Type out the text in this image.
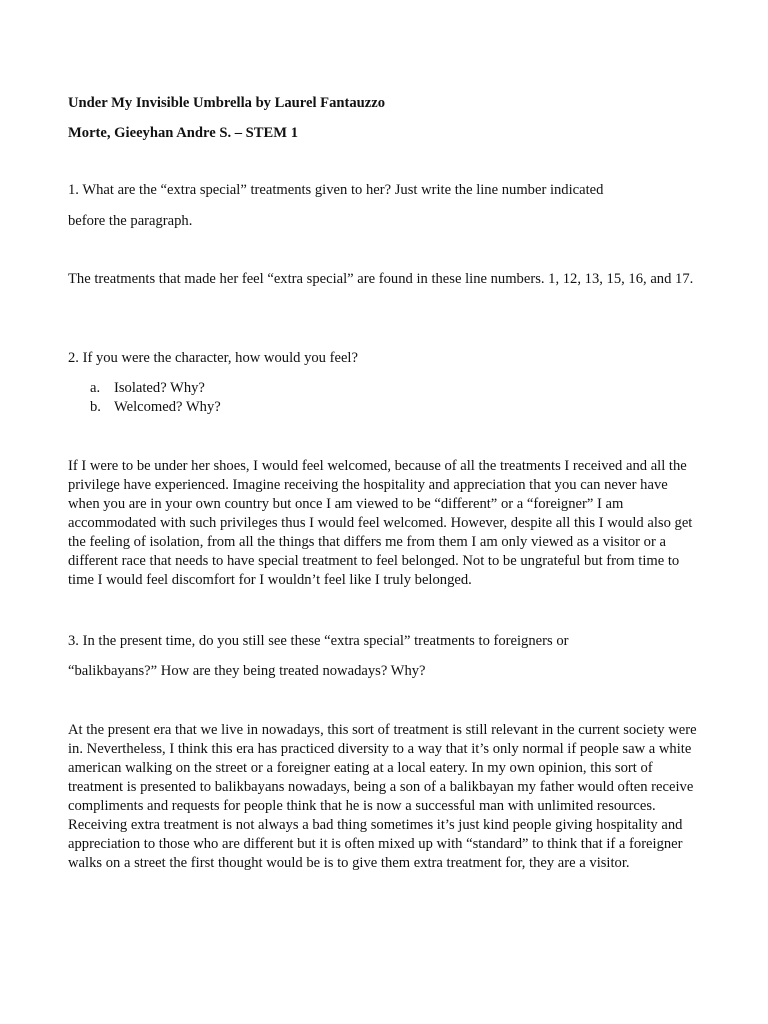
Under My Invisible Umbrella by Laurel Fantauzzo

Morte, Gieeyhan Andre S. – STEM 1

1. What are the “extra special” treatments given to her? Just write the line number indicated

before the paragraph.

The treatments that made her feel “extra special” are found in these line numbers. 1, 12, 13, 15, 16, and 17.

2. If you were the character, how would you feel?

a. Isolated? Why?
b. Welcomed? Why?

If I were to be under her shoes, I would feel welcomed, because of all the treatments I received and all the privilege have experienced. Imagine receiving the hospitality and appreciation that you can never have when you are in your own country but once I am viewed to be “different” or a “foreigner” I am accommodated with such privileges thus I would feel welcomed. However, despite all this I would also get the feeling of isolation, from all the things that differs me from them I am only viewed as a visitor or a different race that needs to have special treatment to feel belonged. Not to be ungrateful but from time to time I would feel discomfort for I wouldn’t feel like I truly belonged.

3. In the present time, do you still see these “extra special” treatments to foreigners or

“balikbayans?” How are they being treated nowadays? Why?

At the present era that we live in nowadays, this sort of treatment is still relevant in the current society were in. Nevertheless, I think this era has practiced diversity to a way that it’s only normal if people saw a white american walking on the street or a foreigner eating at a local eatery. In my own opinion, this sort of treatment is presented to balikbayans nowadays, being a son of a balikbayan my father would often receive compliments and requests for people think that he is now a successful man with unlimited resources. Receiving extra treatment is not always a bad thing sometimes it’s just kind people giving hospitality and appreciation to those who are different but it is often mixed up with “standard” to think that if a foreigner walks on a street the first thought would be is to give them extra treatment for, they are a visitor.
